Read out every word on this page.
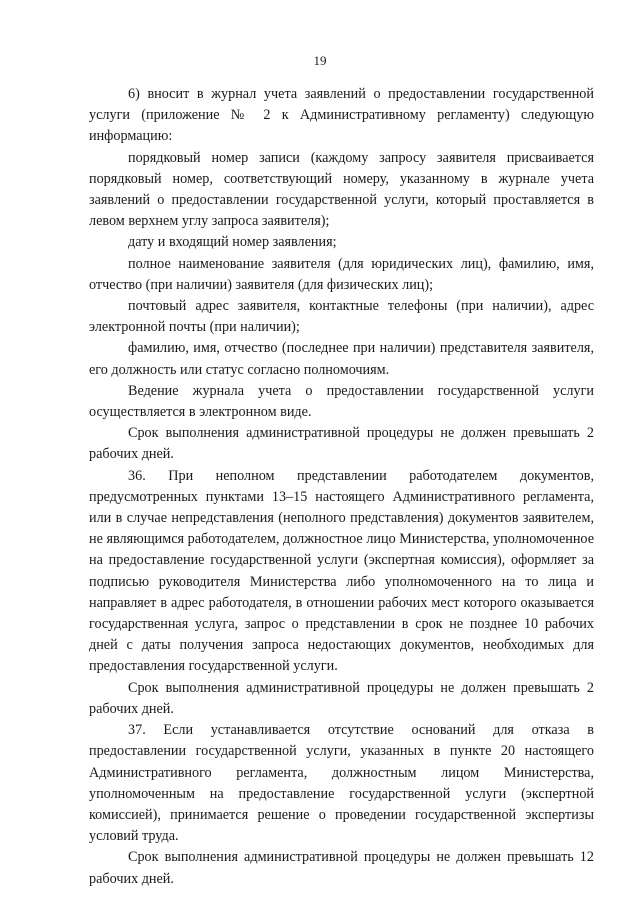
19

6) вносит в журнал учета заявлений о предоставлении государственной услуги (приложение № 2 к Административному регламенту) следующую информацию:

порядковый номер записи (каждому запросу заявителя присваивается порядковый номер, соответствующий номеру, указанному в журнале учета заявлений о предоставлении государственной услуги, который проставляется в левом верхнем углу запроса заявителя);

дату и входящий номер заявления;

полное наименование заявителя (для юридических лиц), фамилию, имя, отчество (при наличии) заявителя (для физических лиц);

почтовый адрес заявителя, контактные телефоны (при наличии), адрес электронной почты (при наличии);

фамилию, имя, отчество (последнее при наличии) представителя заявителя, его должность или статус согласно полномочиям.

Ведение журнала учета о предоставлении государственной услуги осуществляется в электронном виде.

Срок выполнения административной процедуры не должен превышать 2 рабочих дней.

36. При неполном представлении работодателем документов, предусмотренных пунктами 13–15 настоящего Административного регламента, или в случае непредставления (неполного представления) документов заявителем, не являющимся работодателем, должностное лицо Министерства, уполномоченное на предоставление государственной услуги (экспертная комиссия), оформляет за подписью руководителя Министерства либо уполномоченного на то лица и направляет в адрес работодателя, в отношении рабочих мест которого оказывается государственная услуга, запрос о представлении в срок не позднее 10 рабочих дней с даты получения запроса недостающих документов, необходимых для предоставления государственной услуги.

Срок выполнения административной процедуры не должен превышать 2 рабочих дней.

37. Если устанавливается отсутствие оснований для отказа в предоставлении государственной услуги, указанных в пункте 20 настоящего Административного регламента, должностным лицом Министерства, уполномоченным на предоставление государственной услуги (экспертной комиссией), принимается решение о проведении государственной экспертизы условий труда.

Срок выполнения административной процедуры не должен превышать 12 рабочих дней.
